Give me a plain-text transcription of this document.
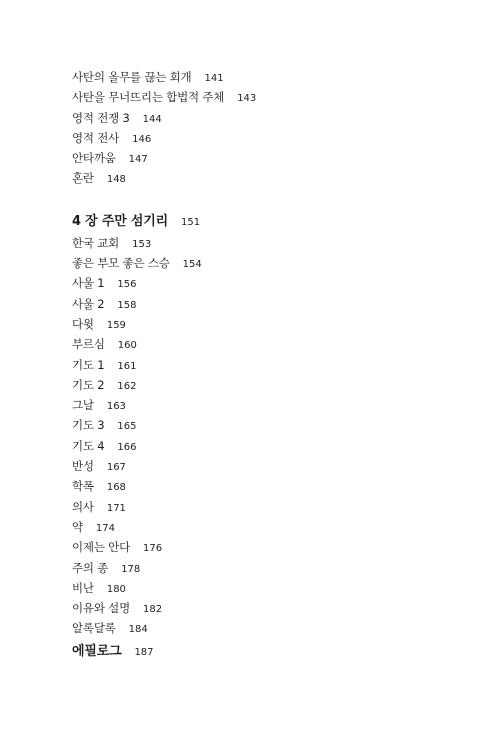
사탄의 올무를 끊는 회개 141
사탄을 무너뜨리는 합법적 주체 143
영적 전쟁 3 144
영적 전사 146
안타까움 147
혼란 148
4 장 주만 섬기리 151
한국 교회 153
좋은 부모 좋은 스승 154
사울 1 156
사울 2 158
다윗 159
부르심 160
기도 1 161
기도 2 162
그날 163
기도 3 165
기도 4 166
반성 167
학폭 168
의사 171
약 174
이제는 안다 176
주의 종 178
비난 180
이유와 설명 182
알록달록 184
에필로그 187
